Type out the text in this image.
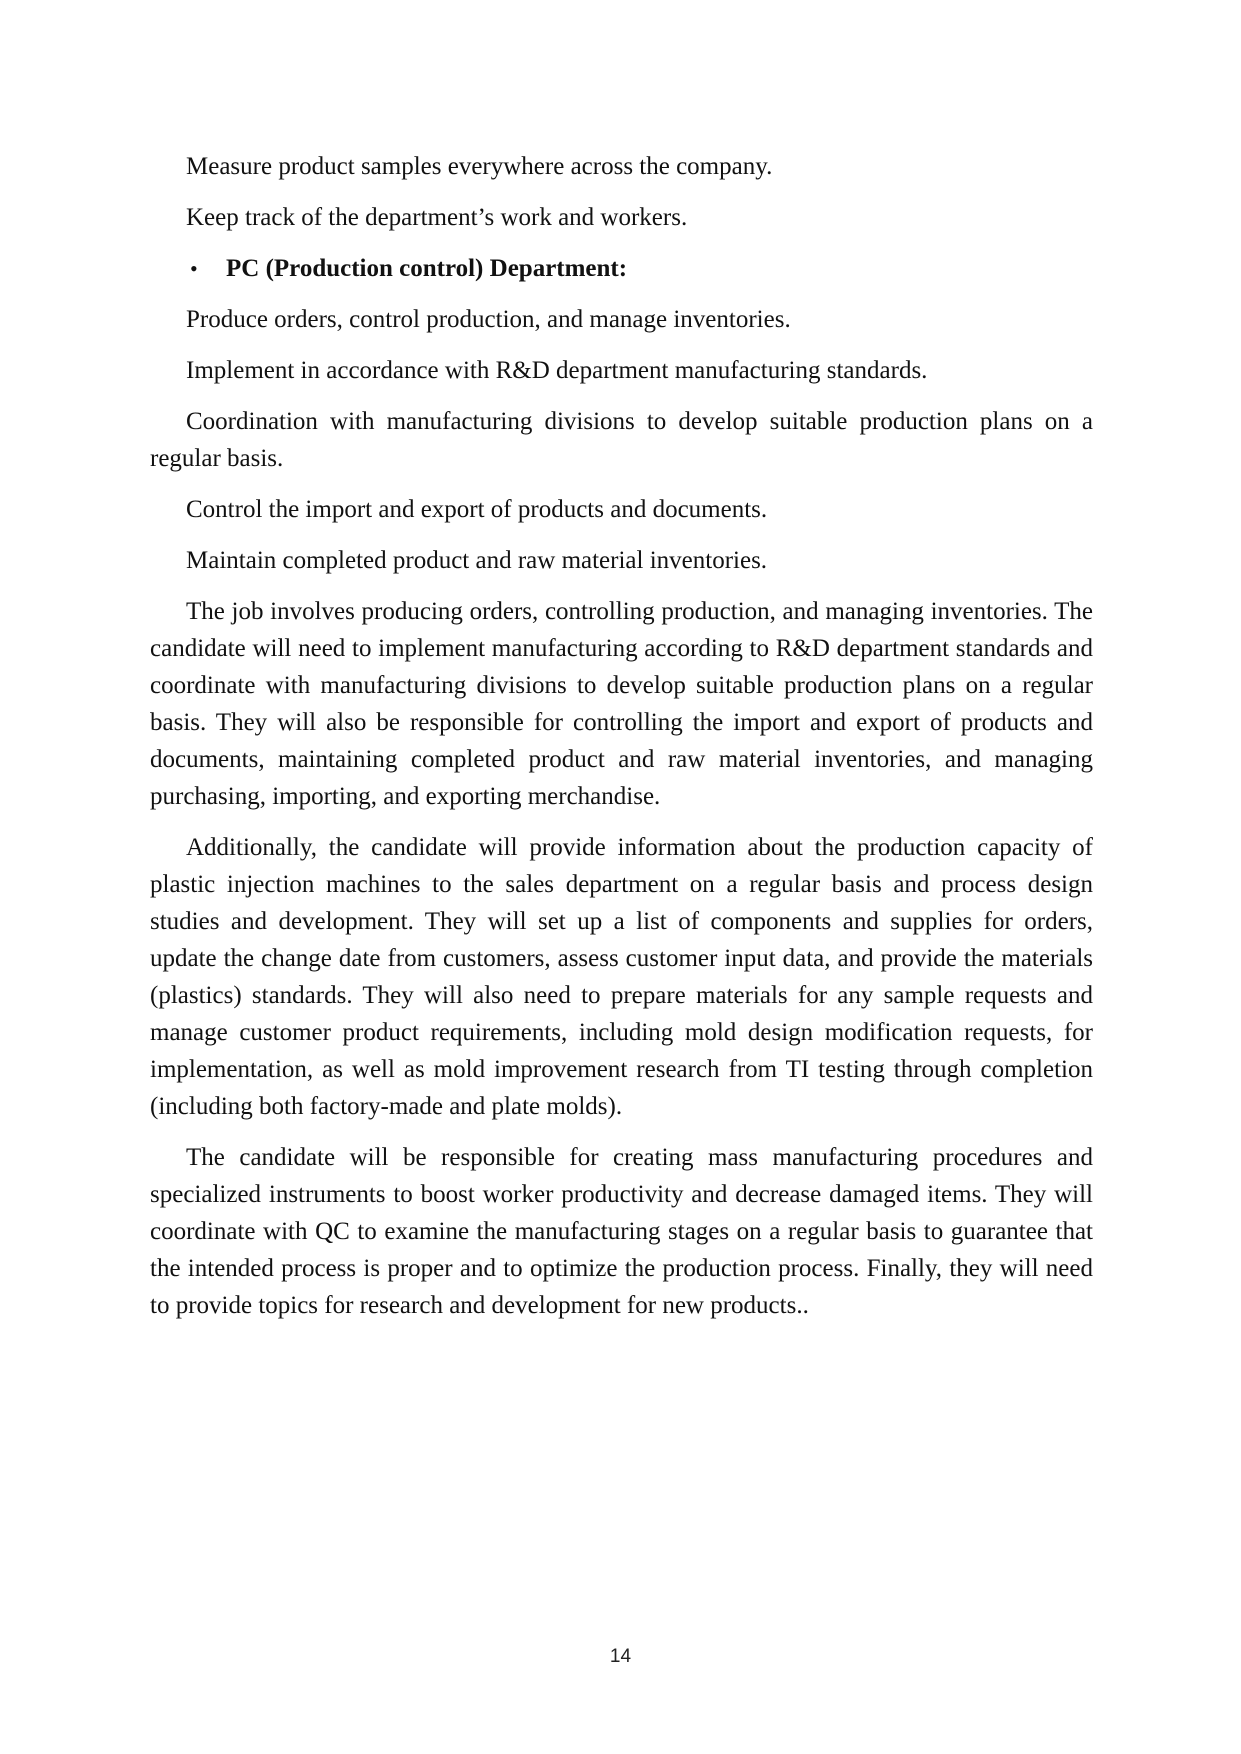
Measure product samples everywhere across the company.

Keep track of the department’s work and workers.

• PC (Production control) Department:

Produce orders, control production, and manage inventories.

Implement in accordance with R&D department manufacturing standards.

Coordination with manufacturing divisions to develop suitable production plans on a regular basis.

Control the import and export of products and documents.

Maintain completed product and raw material inventories.

The job involves producing orders, controlling production, and managing inventories. The candidate will need to implement manufacturing according to R&D department standards and coordinate with manufacturing divisions to develop suitable production plans on a regular basis. They will also be responsible for controlling the import and export of products and documents, maintaining completed product and raw material inventories, and managing purchasing, importing, and exporting merchandise.

Additionally, the candidate will provide information about the production capacity of plastic injection machines to the sales department on a regular basis and process design studies and development. They will set up a list of components and supplies for orders, update the change date from customers, assess customer input data, and provide the materials (plastics) standards. They will also need to prepare materials for any sample requests and manage customer product requirements, including mold design modification requests, for implementation, as well as mold improvement research from TI testing through completion (including both factory-made and plate molds).

The candidate will be responsible for creating mass manufacturing procedures and specialized instruments to boost worker productivity and decrease damaged items. They will coordinate with QC to examine the manufacturing stages on a regular basis to guarantee that the intended process is proper and to optimize the production process. Finally, they will need to provide topics for research and development for new products..

14
